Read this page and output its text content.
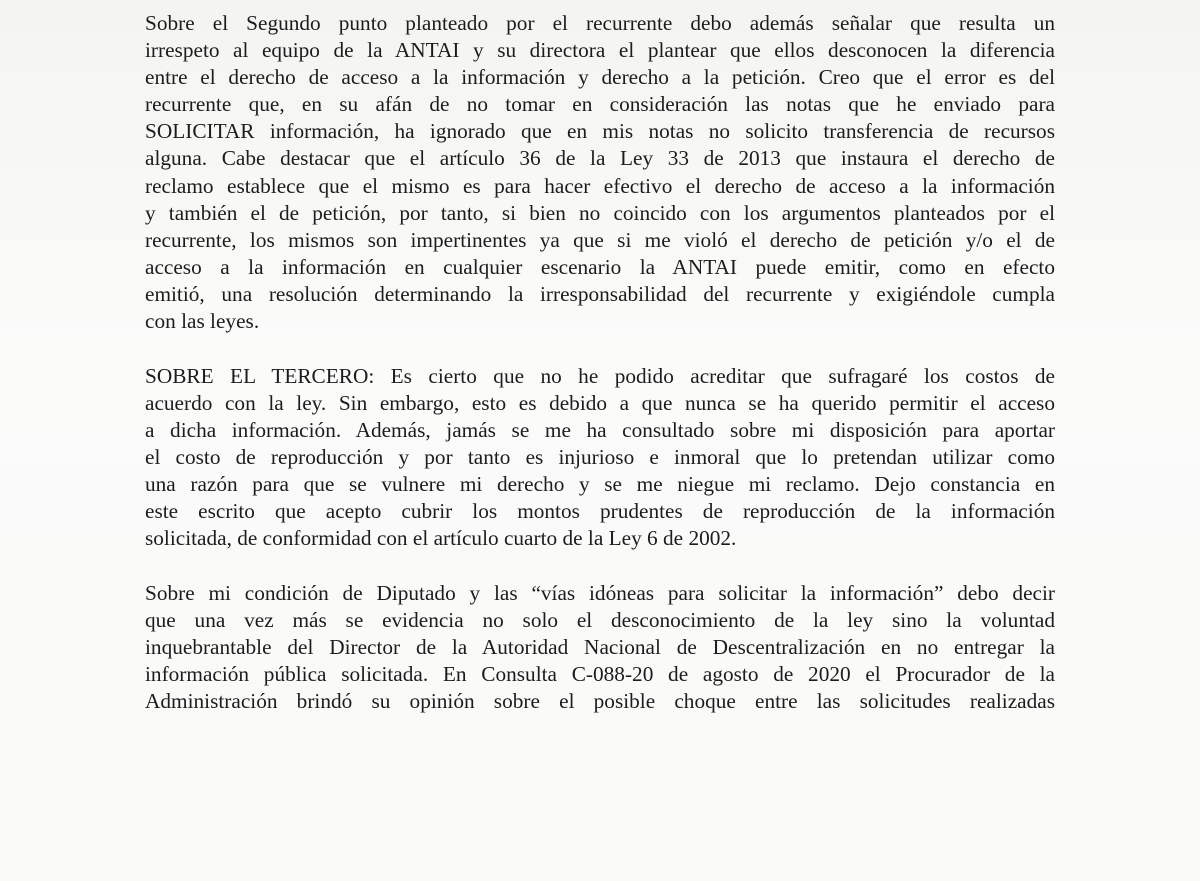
Sobre el Segundo punto planteado por el recurrente debo además señalar que resulta un
irrespeto al equipo de la ANTAI y su directora el plantear que ellos desconocen la diferencia
entre el derecho de acceso a la información y derecho a la petición. Creo que el error es del
recurrente que, en su afán de no tomar en consideración las notas que he enviado para
SOLICITAR información, ha ignorado que en mis notas no solicito transferencia de recursos
alguna. Cabe destacar que el artículo 36 de la Ley 33 de 2013 que instaura el derecho de
reclamo establece que el mismo es para hacer efectivo el derecho de acceso a la información
y también el de petición, por tanto, si bien no coincido con los argumentos planteados por el
recurrente, los mismos son impertinentes ya que si me violó el derecho de petición y/o el de
acceso a la información en cualquier escenario la ANTAI puede emitir, como en efecto
emitió, una resolución determinando la irresponsabilidad del recurrente y exigiéndole cumpla
con las leyes.

SOBRE EL TERCERO: Es cierto que no he podido acreditar que sufragaré los costos de
acuerdo con la ley. Sin embargo, esto es debido a que nunca se ha querido permitir el acceso
a dicha información. Además, jamás se me ha consultado sobre mi disposición para aportar
el costo de reproducción y por tanto es injurioso e inmoral que lo pretendan utilizar como
una razón para que se vulnere mi derecho y se me niegue mi reclamo. Dejo constancia en
este escrito que acepto cubrir los montos prudentes de reproducción de la información
solicitada, de conformidad con el artículo cuarto de la Ley 6 de 2002.

Sobre mi condición de Diputado y las “vías idóneas para solicitar la información” debo decir
que una vez más se evidencia no solo el desconocimiento de la ley sino la voluntad
inquebrantable del Director de la Autoridad Nacional de Descentralización en no entregar la
información pública solicitada. En Consulta C-088-20 de agosto de 2020 el Procurador de la
Administración brindó su opinión sobre el posible choque entre las solicitudes realizadas
